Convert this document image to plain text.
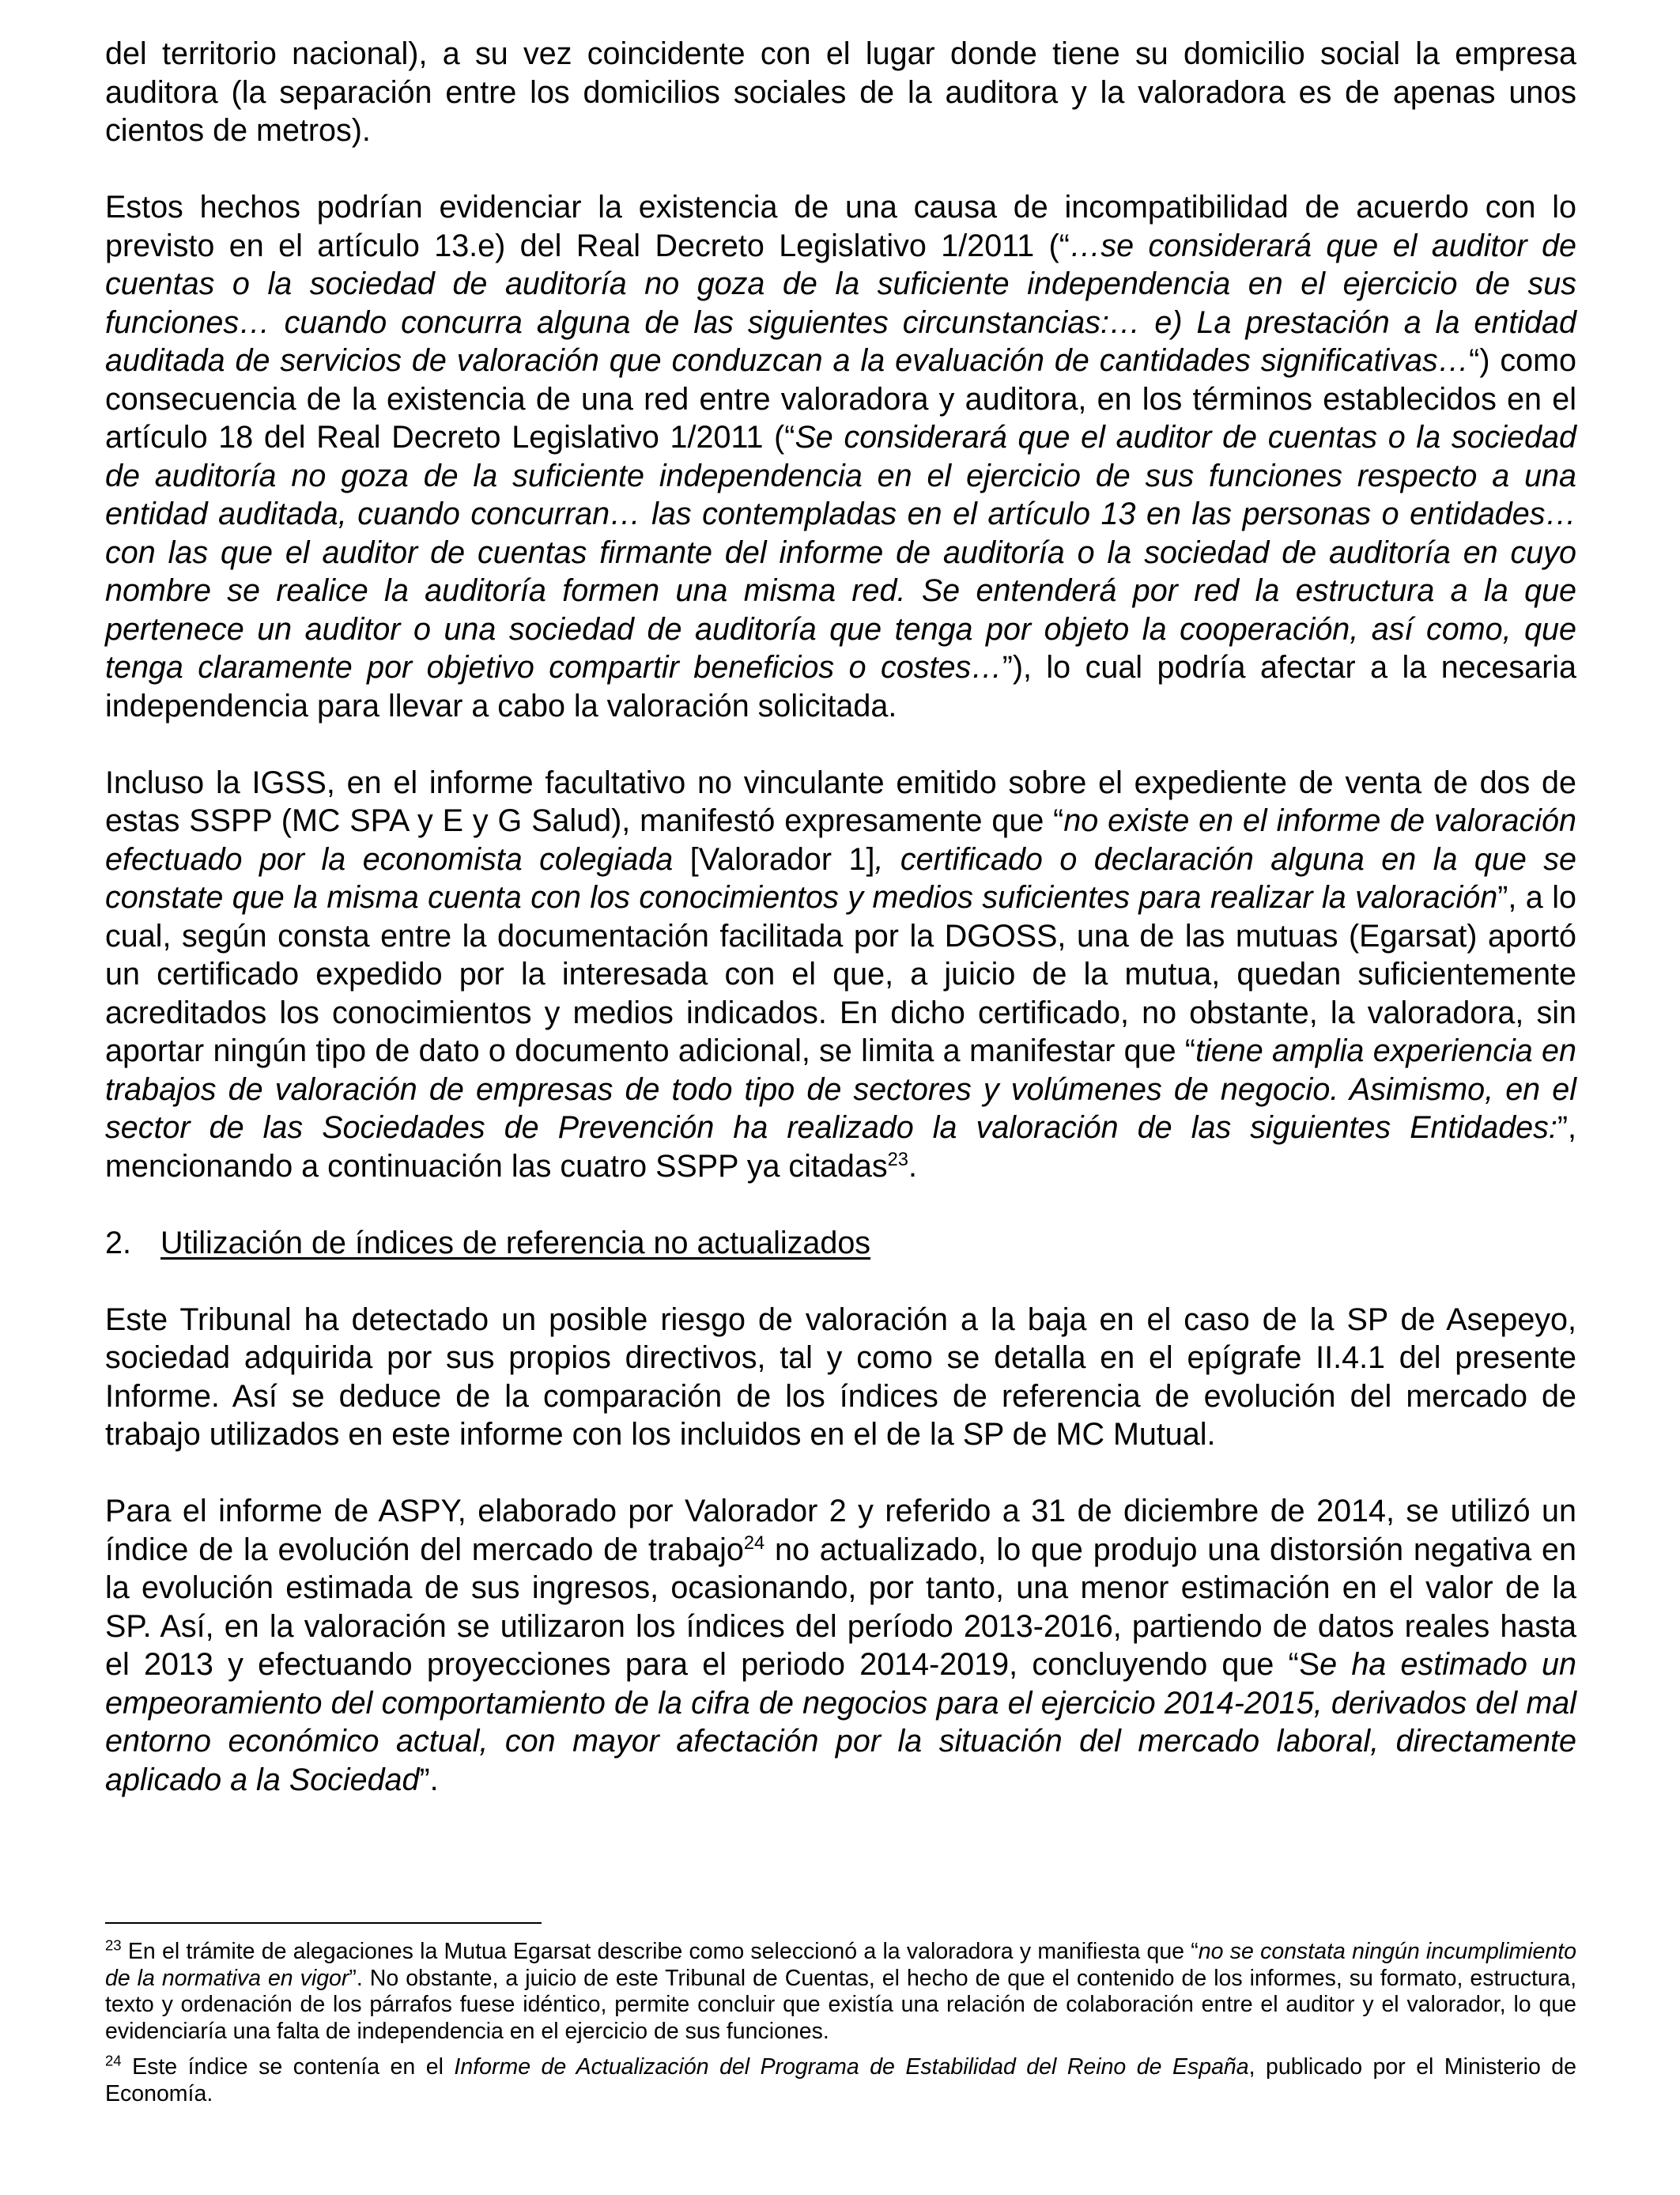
del territorio nacional), a su vez coincidente con el lugar donde tiene su domicilio social la empresa auditora (la separación entre los domicilios sociales de la auditora y la valoradora es de apenas unos cientos de metros).

Estos hechos podrían evidenciar la existencia de una causa de incompatibilidad de acuerdo con lo previsto en el artículo 13.e) del Real Decreto Legislativo 1/2011 (“…se considerará que el auditor de cuentas o la sociedad de auditoría no goza de la suficiente independencia en el ejercicio de sus funciones… cuando concurra alguna de las siguientes circunstancias:… e) La prestación a la entidad auditada de servicios de valoración que conduzcan a la evaluación de cantidades significativas…“) como consecuencia de la existencia de una red entre valoradora y auditora, en los términos establecidos en el artículo 18 del Real Decreto Legislativo 1/2011 (“Se considerará que el auditor de cuentas o la sociedad de auditoría no goza de la suficiente independencia en el ejercicio de sus funciones respecto a una entidad auditada, cuando concurran… las contempladas en el artículo 13 en las personas o entidades… con las que el auditor de cuentas firmante del informe de auditoría o la sociedad de auditoría en cuyo nombre se realice la auditoría formen una misma red. Se entenderá por red la estructura a la que pertenece un auditor o una sociedad de auditoría que tenga por objeto la cooperación, así como, que tenga claramente por objetivo compartir beneficios o costes…”), lo cual podría afectar a la necesaria independencia para llevar a cabo la valoración solicitada.

Incluso la IGSS, en el informe facultativo no vinculante emitido sobre el expediente de venta de dos de estas SSPP (MC SPA y E y G Salud), manifestó expresamente que “no existe en el informe de valoración efectuado por la economista colegiada [Valorador 1], certificado o declaración alguna en la que se constate que la misma cuenta con los conocimientos y medios suficientes para realizar la valoración”, a lo cual, según consta entre la documentación facilitada por la DGOSS, una de las mutuas (Egarsat) aportó un certificado expedido por la interesada con el que, a juicio de la mutua, quedan suficientemente acreditados los conocimientos y medios indicados. En dicho certificado, no obstante, la valoradora, sin aportar ningún tipo de dato o documento adicional, se limita a manifestar que “tiene amplia experiencia en trabajos de valoración de empresas de todo tipo de sectores y volúmenes de negocio. Asimismo, en el sector de las Sociedades de Prevención ha realizado la valoración de las siguientes Entidades:”, mencionando a continuación las cuatro SSPP ya citadas$^{23}$.

2. Utilización de índices de referencia no actualizados

Este Tribunal ha detectado un posible riesgo de valoración a la baja en el caso de la SP de Asepeyo, sociedad adquirida por sus propios directivos, tal y como se detalla en el epígrafe II.4.1 del presente Informe. Así se deduce de la comparación de los índices de referencia de evolución del mercado de trabajo utilizados en este informe con los incluidos en el de la SP de MC Mutual.

Para el informe de ASPY, elaborado por Valorador 2 y referido a 31 de diciembre de 2014, se utilizó un índice de la evolución del mercado de trabajo$^{24}$ no actualizado, lo que produjo una distorsión negativa en la evolución estimada de sus ingresos, ocasionando, por tanto, una menor estimación en el valor de la SP. Así, en la valoración se utilizaron los índices del período 2013-2016, partiendo de datos reales hasta el 2013 y efectuando proyecciones para el periodo 2014-2019, concluyendo que “Se ha estimado un empeoramiento del comportamiento de la cifra de negocios para el ejercicio 2014-2015, derivados del mal entorno económico actual, con mayor afectación por la situación del mercado laboral, directamente aplicado a la Sociedad”.

$^{23}$ En el trámite de alegaciones la Mutua Egarsat describe como seleccionó a la valoradora y manifiesta que “no se constata ningún incumplimiento de la normativa en vigor”. No obstante, a juicio de este Tribunal de Cuentas, el hecho de que el contenido de los informes, su formato, estructura, texto y ordenación de los párrafos fuese idéntico, permite concluir que existía una relación de colaboración entre el auditor y el valorador, lo que evidenciaría una falta de independencia en el ejercicio de sus funciones.

$^{24}$ Este índice se contenía en el Informe de Actualización del Programa de Estabilidad del Reino de España, publicado por el Ministerio de Economía.
